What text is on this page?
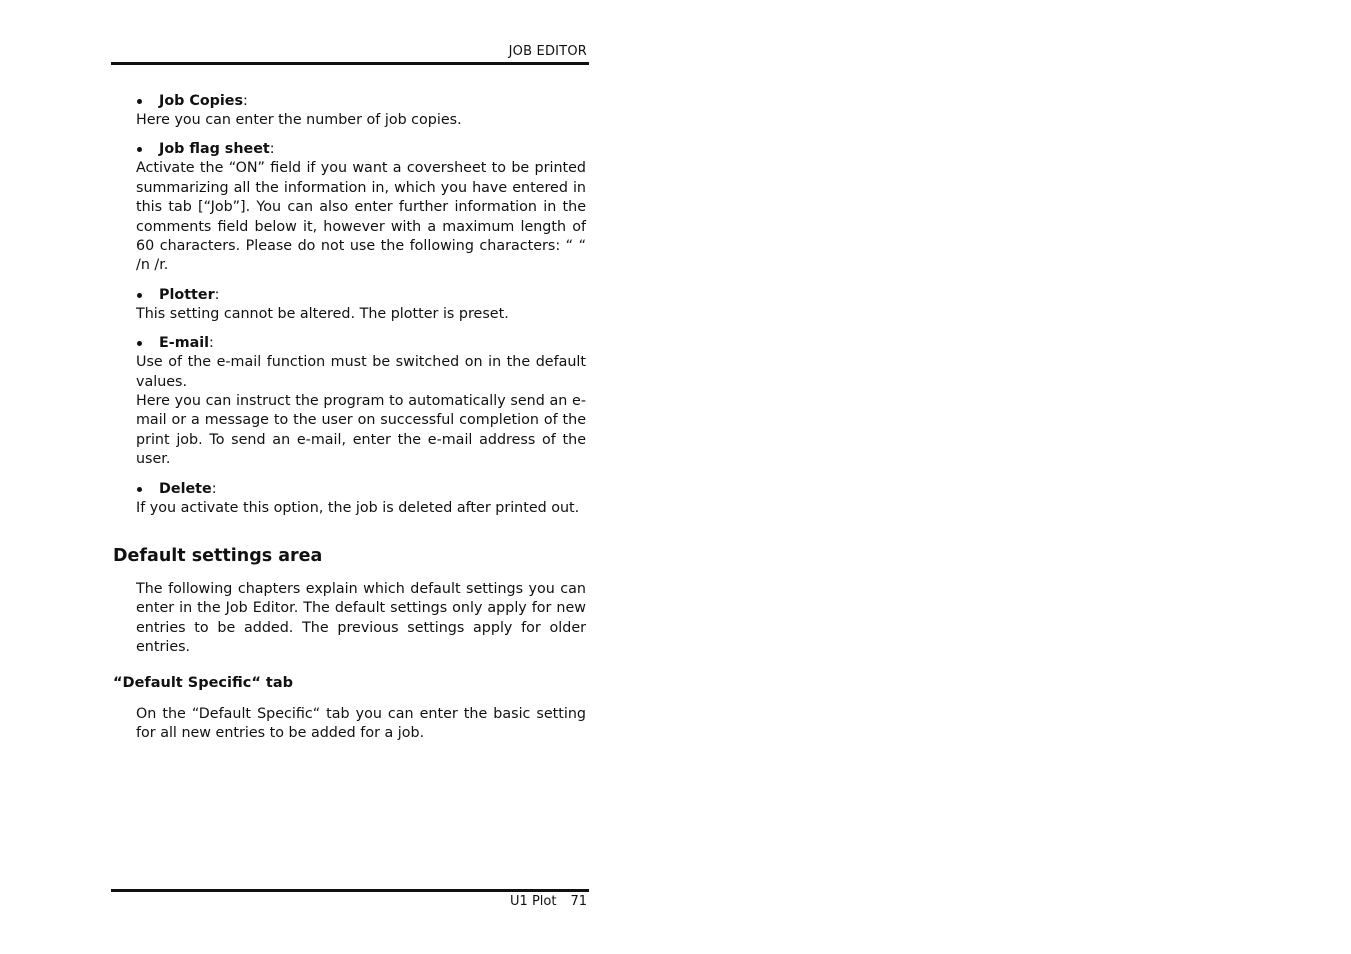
JOB EDITOR
Job Copies:

Here you can enter the number of job copies.

Job flag sheet:

Activate the “ON” field if you want a coversheet to be printed summarizing all the information in, which you have entered in this tab [“Job”]. You can also enter further information in the comments field below it, however with a maximum length of 60 characters. Please do not use the following characters: “ “ /n /r.

Plotter:

This setting cannot be altered. The plotter is preset.

E-mail:

Use of the e-mail function must be switched on in the default values.

Here you can instruct the program to automatically send an e-mail or a message to the user on successful completion of the print job. To send an e-mail, enter the e-mail address of the user.

Delete:

If you activate this option, the job is deleted after printed out.

Default settings area

The following chapters explain which default settings you can enter in the Job Editor. The default settings only apply for new entries to be added. The previous settings apply for older entries.

“Default Specific“ tab

On the “Default Specific“ tab you can enter the basic setting for all new entries to be added for a job.

U1 Plot 71
